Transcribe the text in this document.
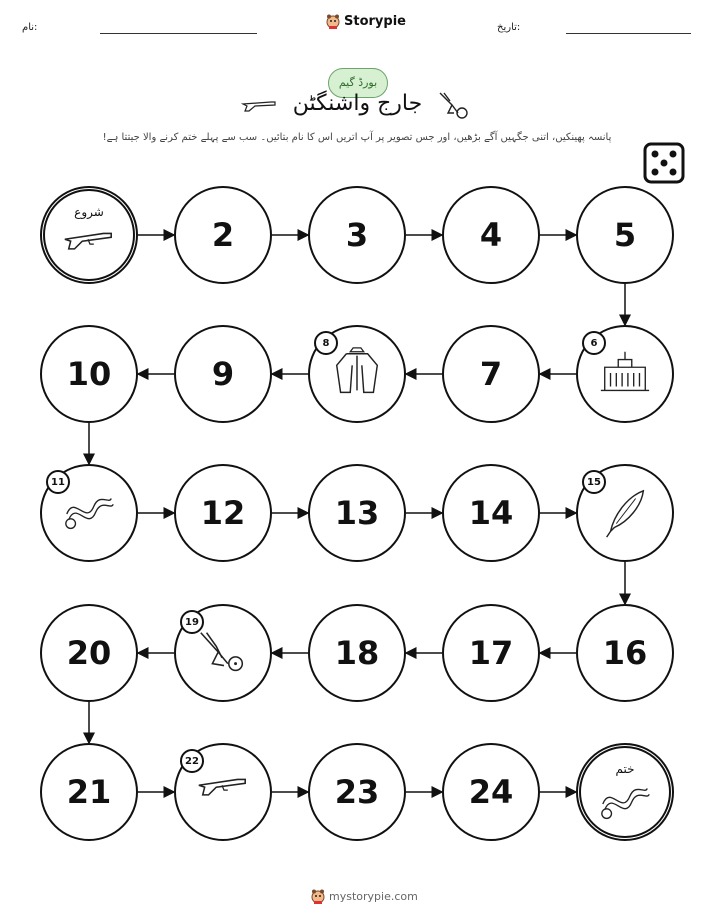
نام:	Storypie	تاریخ:
بورڈ گیم
جارج واشنگٹن
پانسہ پھینکیں، اتنی جگہیں آگے بڑھیں، اور جس تصویر پر آپ اتریں اس کا نام بتائیں۔ سب سے پہلے ختم کرنے والا جیتتا ہے!
شروع
2	3	4	5
6
7
8
9
10
11
12	13	14
15
16
17
18
19
20
21
22
23	24
ختم
mystorypie.com
